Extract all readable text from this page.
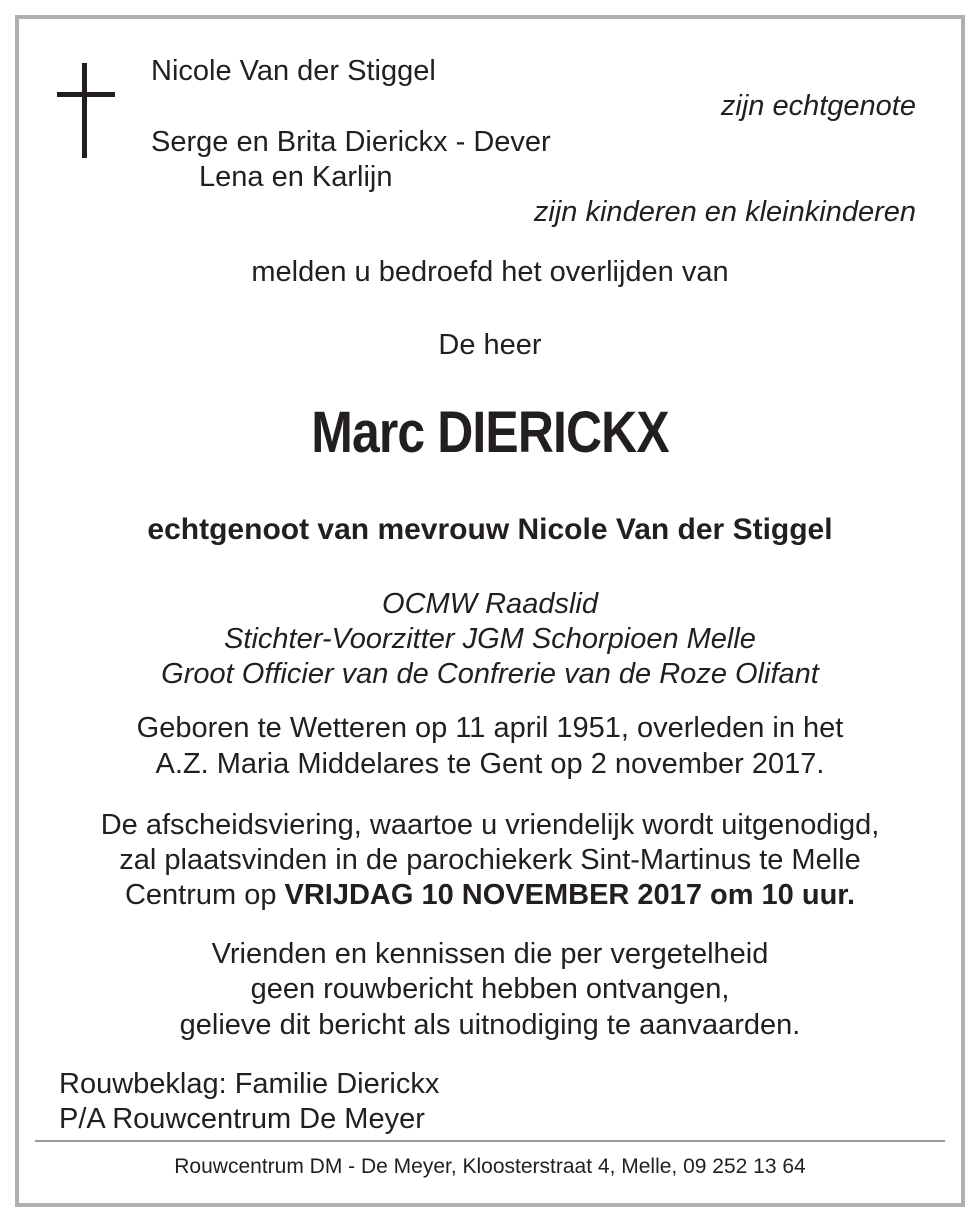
Nicole Van der Stiggel
zijn echtgenote
Serge en Brita Dierickx - Dever
Lena en Karlijn
zijn kinderen en kleinkinderen
melden u bedroefd het overlijden van
De heer
Marc DIERICKX
echtgenoot van mevrouw Nicole Van der Stiggel
OCMW Raadslid
Stichter-Voorzitter JGM Schorpioen Melle
Groot Officier van de Confrerie van de Roze Olifant
Geboren te Wetteren op 11 april 1951, overleden in het
A.Z. Maria Middelares te Gent op 2 november 2017.
De afscheidsviering, waartoe u vriendelijk wordt uitgenodigd,
zal plaatsvinden in de parochiekerk Sint-Martinus te Melle
Centrum op VRIJDAG 10 NOVEMBER 2017 om 10 uur.
Vrienden en kennissen die per vergetelheid
geen rouwbericht hebben ontvangen,
gelieve dit bericht als uitnodiging te aanvaarden.
Rouwbeklag: Familie Dierickx
P/A Rouwcentrum De Meyer
Rouwcentrum DM - De Meyer, Kloosterstraat 4, Melle, 09 252 13 64
